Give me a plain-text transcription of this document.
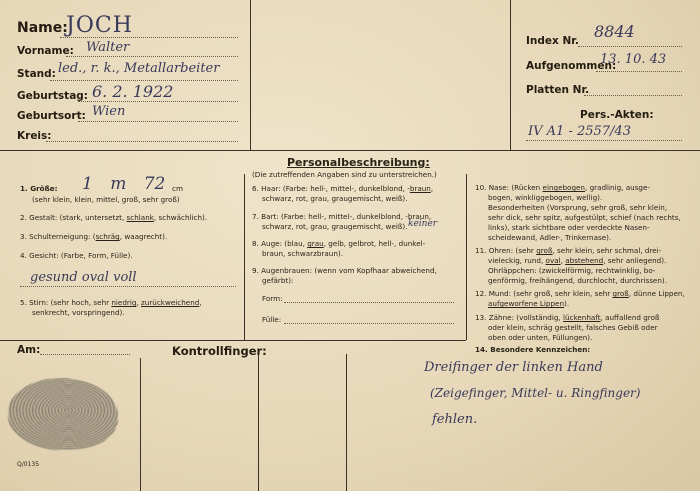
Name:
JOCH
Vorname: Walter
Stand: led., r. k., Metallarbeiter
Geburtstag: 6. 2. 1922
Geburtsort: Wien
Kreis:
Index Nr. 8844
Aufgenommen:
13. 10. 43
Platten Nr.
Pers.-Akten:
IV A1 - 2557/43
Personalbeschreibung:
(Die zutreffenden Angaben sind zu unterstreichen.)
1. Größe: 1 m 72 cm
(sehr klein, klein, mittel, groß, sehr groß)
2. Gestalt: (stark, untersetzt, schlank, schwächlich).
3. Schulterneigung: (schräg, waagrecht).
4. Gesicht: (Farbe, Form, Fülle).
gesund oval voll
5. Stirn: (sehr hoch, sehr niedrig, zurückweichend,
senkrecht, vorspringend).
6. Haar: (Farbe: hell-, mittel-, dunkelblond, -braun,
schwarz, rot, grau, graugemischt, weiß).
7. Bart: (Farbe: hell-, mittel-, dunkelblond, -braun,
schwarz, rot, grau, graugemischt, weiß). keiner
8. Auge: (blau, grau, gelb, gelbrot, hell-, dunkel-
braun, schwarzbraun).
9. Augenbrauen: (wenn vom Kopfhaar abweichend,
gefärbt):
Form:
Fülle:
10. Nase: (Rücken eingebogen, gradlinig, ausge-
bogen, winkliggebogen, wellig).
Besonderheiten (Vorsprung, sehr groß, sehr klein,
sehr dick, sehr spitz, aufgestülpt, schief (nach rechts,
links), stark sichtbare oder verdeckte Nasen-
scheidewand, Adler-, Trinkernase).
11. Ohren: (sehr groß, sehr klein, sehr schmal, drei-
vieleckig, rund, oval, abstehend, sehr anliegend).
Ohrläppchen: (zwickelförmig, rechtwinklig, bo-
genförmig, freihängend, durchlocht, durchrissen).
12. Mund: (sehr groß, sehr klein, sehr groß, dünne Lippen,
aufgeworfene Lippen).
13. Zähne: (vollständig, lückenhaft, auffallend groß
oder klein, schräg gestellt, falsches Gebiß oder
oben oder unten, Füllungen).
14. Besondere Kennzeichen:
Am:	Kontrollfinger:
Q/0135
Dreifinger der linken Hand
(Zeigefinger, Mittel- u. Ringfinger)
fehlen.
